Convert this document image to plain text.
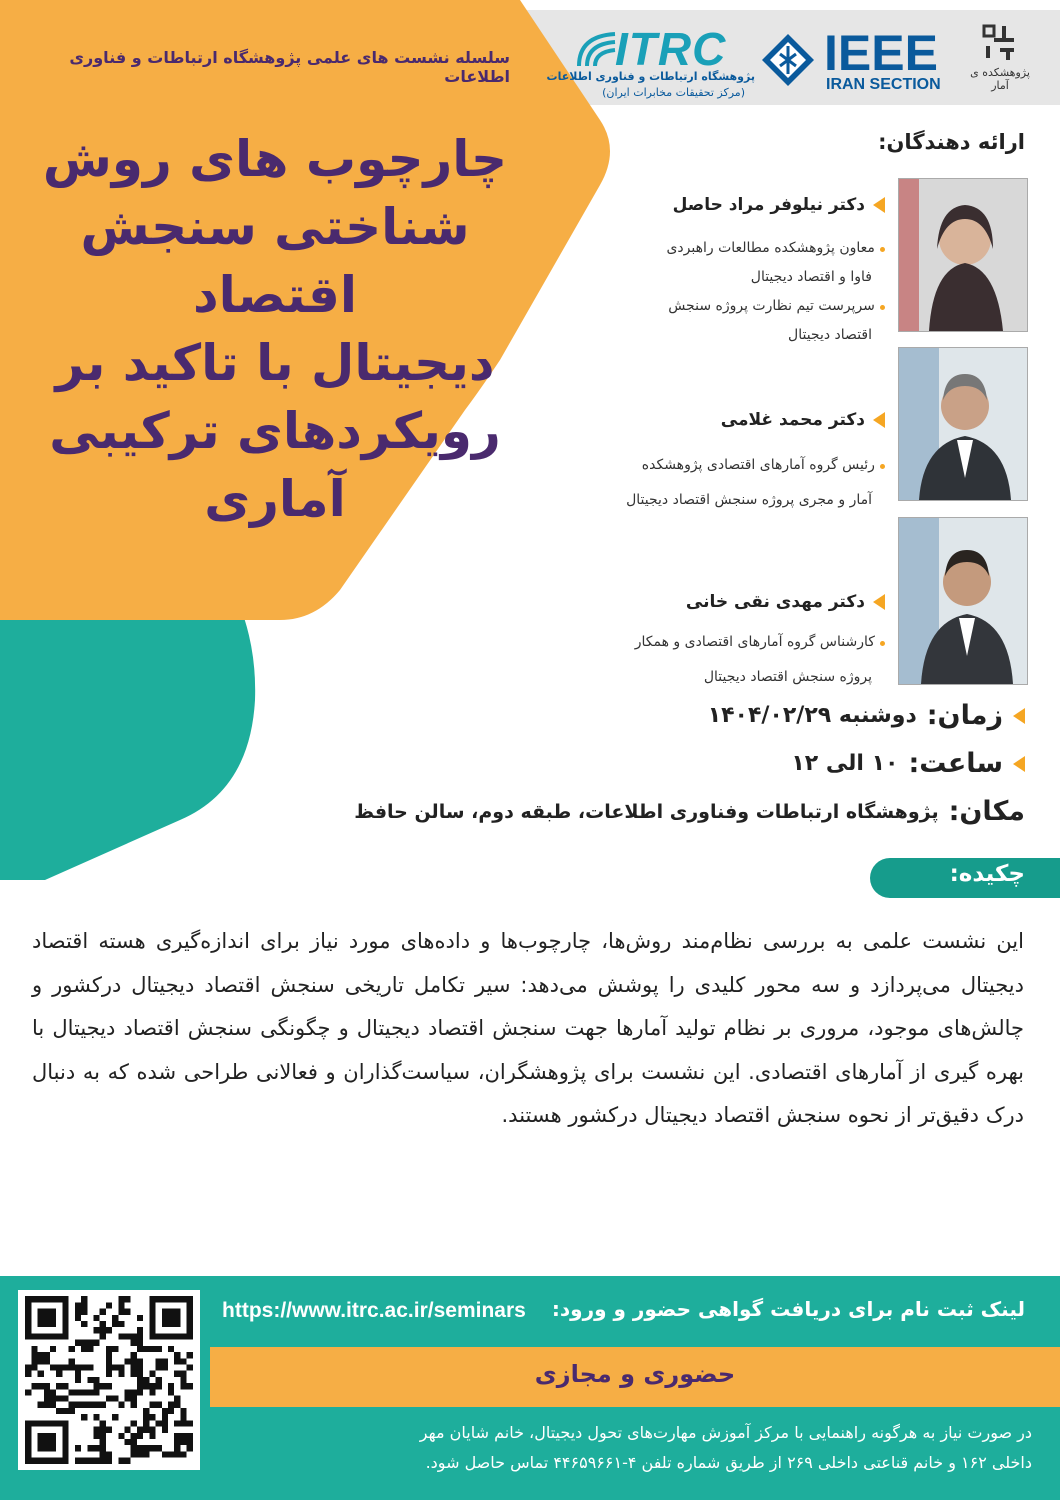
پژوهشکده ی آمار
IEEE
IRAN SECTION
ITRC
پژوهشگاه ارتباطات و فناوری اطلاعات
(مرکز تحقیقات مخابرات ایران)
سلسله نشست های علمی پژوهشگاه ارتباطات و فناوری اطلاعات
چارچوب های روش
شناختی سنجش اقتصاد
دیجیتال با تاکید بر
رویکردهای ترکیبی
آماری
ارائه دهندگان:
دکتر نیلوفر مراد حاصل
معاون پژوهشکده مطالعات راهبردی
فاوا و اقتصاد دیجیتال
سرپرست تیم نظارت پروژه سنجش
اقتصاد دیجیتال
دکتر محمد غلامی
رئیس گروه آمارهای اقتصادی پژوهشکده
آمار و مجری پروژه سنجش اقتصاد دیجیتال
دکتر مهدی نقی خانی
کارشناس گروه آمارهای اقتصادی و همکار
پروژه سنجش اقتصاد دیجیتال
زمان:
دوشنبه ۱۴۰۴/۰۲/۲۹
ساعت:
۱۰ الی ۱۲
مکان:
پژوهشگاه ارتباطات وفناوری اطلاعات، طبقه دوم، سالن حافظ
چکیده:
این نشست علمی به بررسی نظام‌مند روش‌ها، چارچوب‌ها و داده‌های مورد نیاز برای اندازه‌گیری هسته اقتصاد دیجیتال می‌پردازد و سه محور کلیدی را پوشش می‌دهد: سیر تکامل تاریخی سنجش اقتصاد دیجیتال درکشور و چالش‌های موجود، مروری بر نظام تولید آمارها جهت سنجش اقتصاد دیجیتال و چگونگی سنجش اقتصاد دیجیتال با بهره گیری از آمارهای اقتصادی. این نشست برای پژوهشگران، سیاست‌گذاران و فعالانی طراحی شده که به دنبال درک دقیق‌تر از نحوه سنجش اقتصاد دیجیتال درکشور هستند.
لینک ثبت نام برای دریافت گواهی حضور و ورود:
https://www.itrc.ac.ir/seminars
حضوری و مجازی
در صورت نیاز به هرگونه راهنمایی با مرکز آموزش مهارت‌های تحول دیجیتال، خانم شایان مهر
داخلی ۱۶۲ و خانم قناعتی داخلی ۲۶۹ از طریق شماره تلفن ۴-۴۴۶۵۹۶۶۱ تماس حاصل شود.
